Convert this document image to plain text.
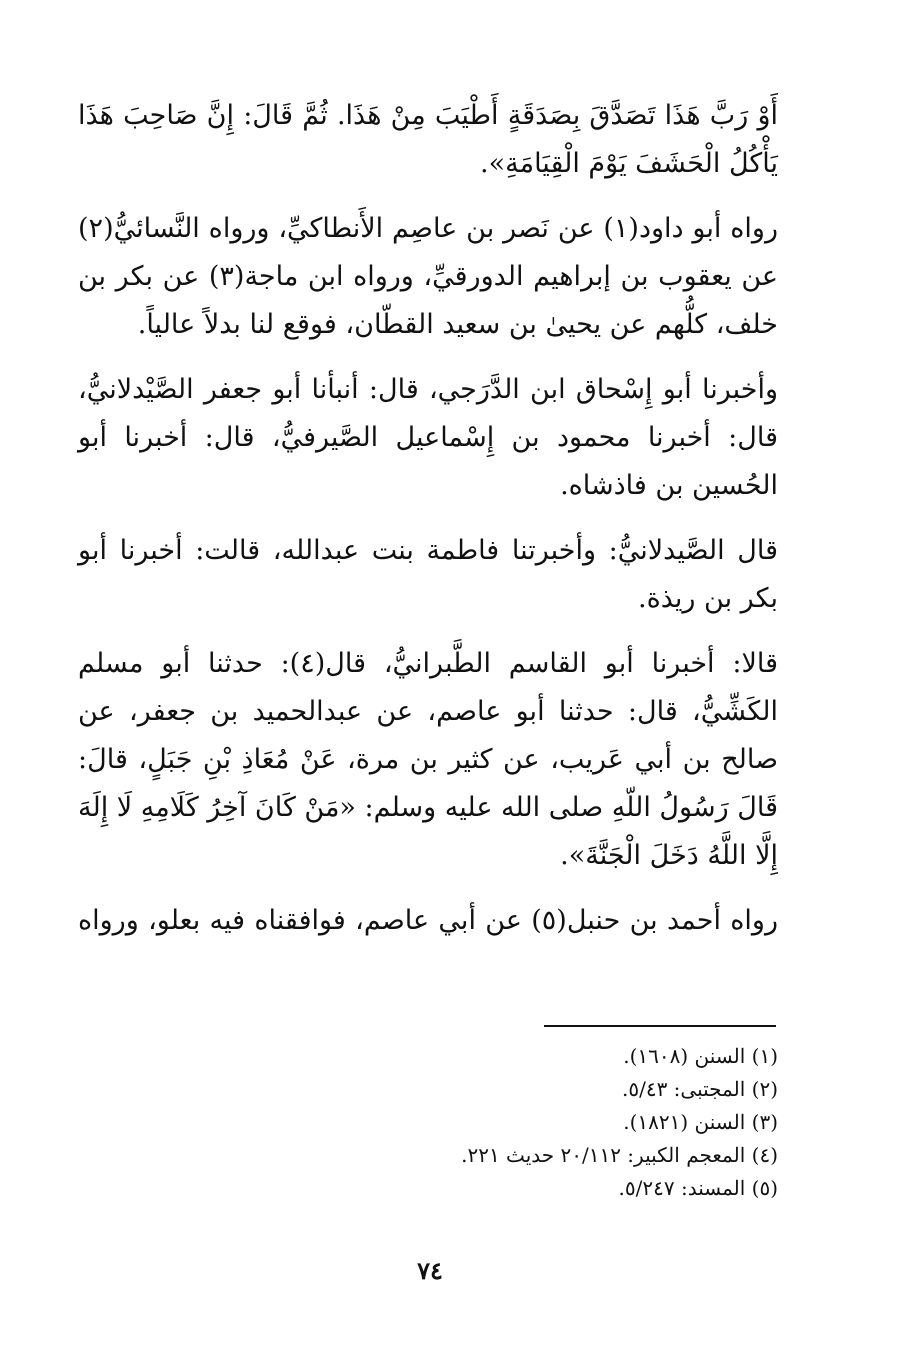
أَوْ رَبَّ هَذَا تَصَدَّقَ بِصَدَقَةٍ أَطْيَبَ مِنْ هَذَا. ثُمَّ قَالَ: إِنَّ صَاحِبَ هَذَا يَأْكُلُ الْحَشَفَ يَوْمَ الْقِيَامَةِ».

رواه أبو داود(١) عن نَصر بن عاصِم الأَنطاكيِّ، ورواه النَّسائيُّ(٢) عن يعقوب بن إبراهيم الدورقيِّ، ورواه ابن ماجة(٣) عن بكر بن خلف، كلُّهم عن يحيىٰ بن سعيد القطّان، فوقع لنا بدلاً عالياً.

وأخبرنا أبو إِسْحاق ابن الدَّرَجي، قال: أنبأنا أبو جعفر الصَّيْدلانيُّ، قال: أخبرنا محمود بن إِسْماعيل الصَّيرفيُّ، قال: أخبرنا أبو الحُسين بن فاذشاه.

قال الصَّيدلانيُّ: وأخبرتنا فاطمة بنت عبدالله، قالت: أخبرنا أبو بكر بن ريذة.

قالا: أخبرنا أبو القاسم الطَّبرانيُّ، قال(٤): حدثنا أبو مسلم الكَشِّيُّ، قال: حدثنا أبو عاصم، عن عبدالحميد بن جعفر، عن صالح بن أبي عَريب، عن كثير بن مرة، عَنْ مُعَاذِ بْنِ جَبَلٍ، قالَ: قَالَ رَسُولُ اللّهِ صلى الله عليه وسلم: «مَنْ كَانَ آخِرُ كَلَامِهِ لَا إِلَهَ إِلَّا اللَّهُ دَخَلَ الْجَنَّةَ».

رواه أحمد بن حنبل(٥) عن أبي عاصم، فوافقناه فيه بعلو، ورواه

(١) السنن (١٦٠٨).

(٢) المجتبى: ٥/٤٣.

(٣) السنن (١٨٢١).

(٤) المعجم الكبير: ٢٠/١١٢ حديث ٢٢١.

(٥) المسند: ٥/٢٤٧.

٧٤
